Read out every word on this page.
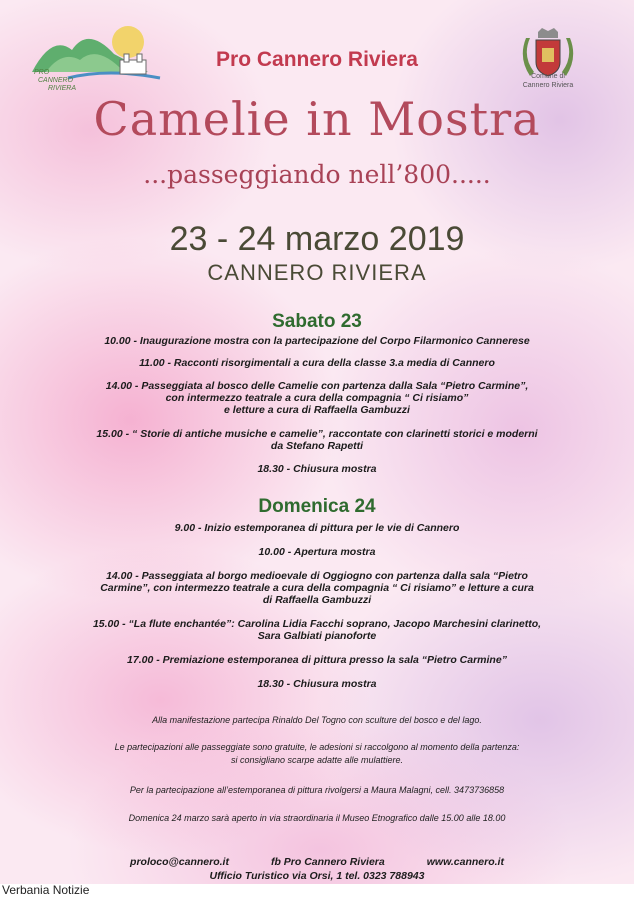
PRO
CANNERO
RIVIERA
Comune di
Cannero Riviera
Pro Cannero Riviera
Camelie in Mostra
...passeggiando nell’800.....
23 - 24 marzo 2019
CANNERO RIVIERA
Sabato 23
10.00 - Inaugurazione mostra con la partecipazione del Corpo Filarmonico Cannerese
11.00 - Racconti risorgimentali a cura della classe 3.a media di Cannero
14.00 - Passeggiata al bosco delle Camelie con partenza dalla Sala “Pietro Carmine”,
con intermezzo teatrale a cura della compagnia “ Ci risiamo”
e letture a cura di Raffaella Gambuzzi
15.00 - “ Storie di antiche musiche e camelie”, raccontate con clarinetti storici e moderni
da Stefano Rapetti
18.30 - Chiusura mostra
Domenica 24
9.00 - Inizio estemporanea di pittura per le vie di Cannero
10.00 - Apertura mostra
14.00 - Passeggiata al borgo medioevale di Oggiogno con partenza dalla sala “Pietro
Carmine”, con intermezzo teatrale a cura della compagnia “ Ci risiamo” e letture a cura
di Raffaella Gambuzzi
15.00 - “La flute enchantée”: Carolina Lidia Facchi soprano, Jacopo Marchesini clarinetto,
Sara Galbiati pianoforte
17.00 - Premiazione estemporanea di pittura presso la sala “Pietro Carmine”
18.30 - Chiusura mostra
Alla manifestazione partecipa Rinaldo Del Togno con sculture del bosco e del lago.
Le partecipazioni alle passeggiate sono gratuite, le adesioni si raccolgono al momento della partenza:
si consigliano scarpe adatte alle mulattiere.
Per la partecipazione all’estemporanea di pittura rivolgersi a Maura Malagni, cell. 3473736858
Domenica 24 marzo sarà aperto in via straordinaria il Museo Etnografico dalle 15.00 alle 18.00
proloco@cannero.it	fb Pro Cannero Riviera	www.cannero.it
Ufficio Turistico via Orsi, 1 tel. 0323 788943
Verbania Notizie
